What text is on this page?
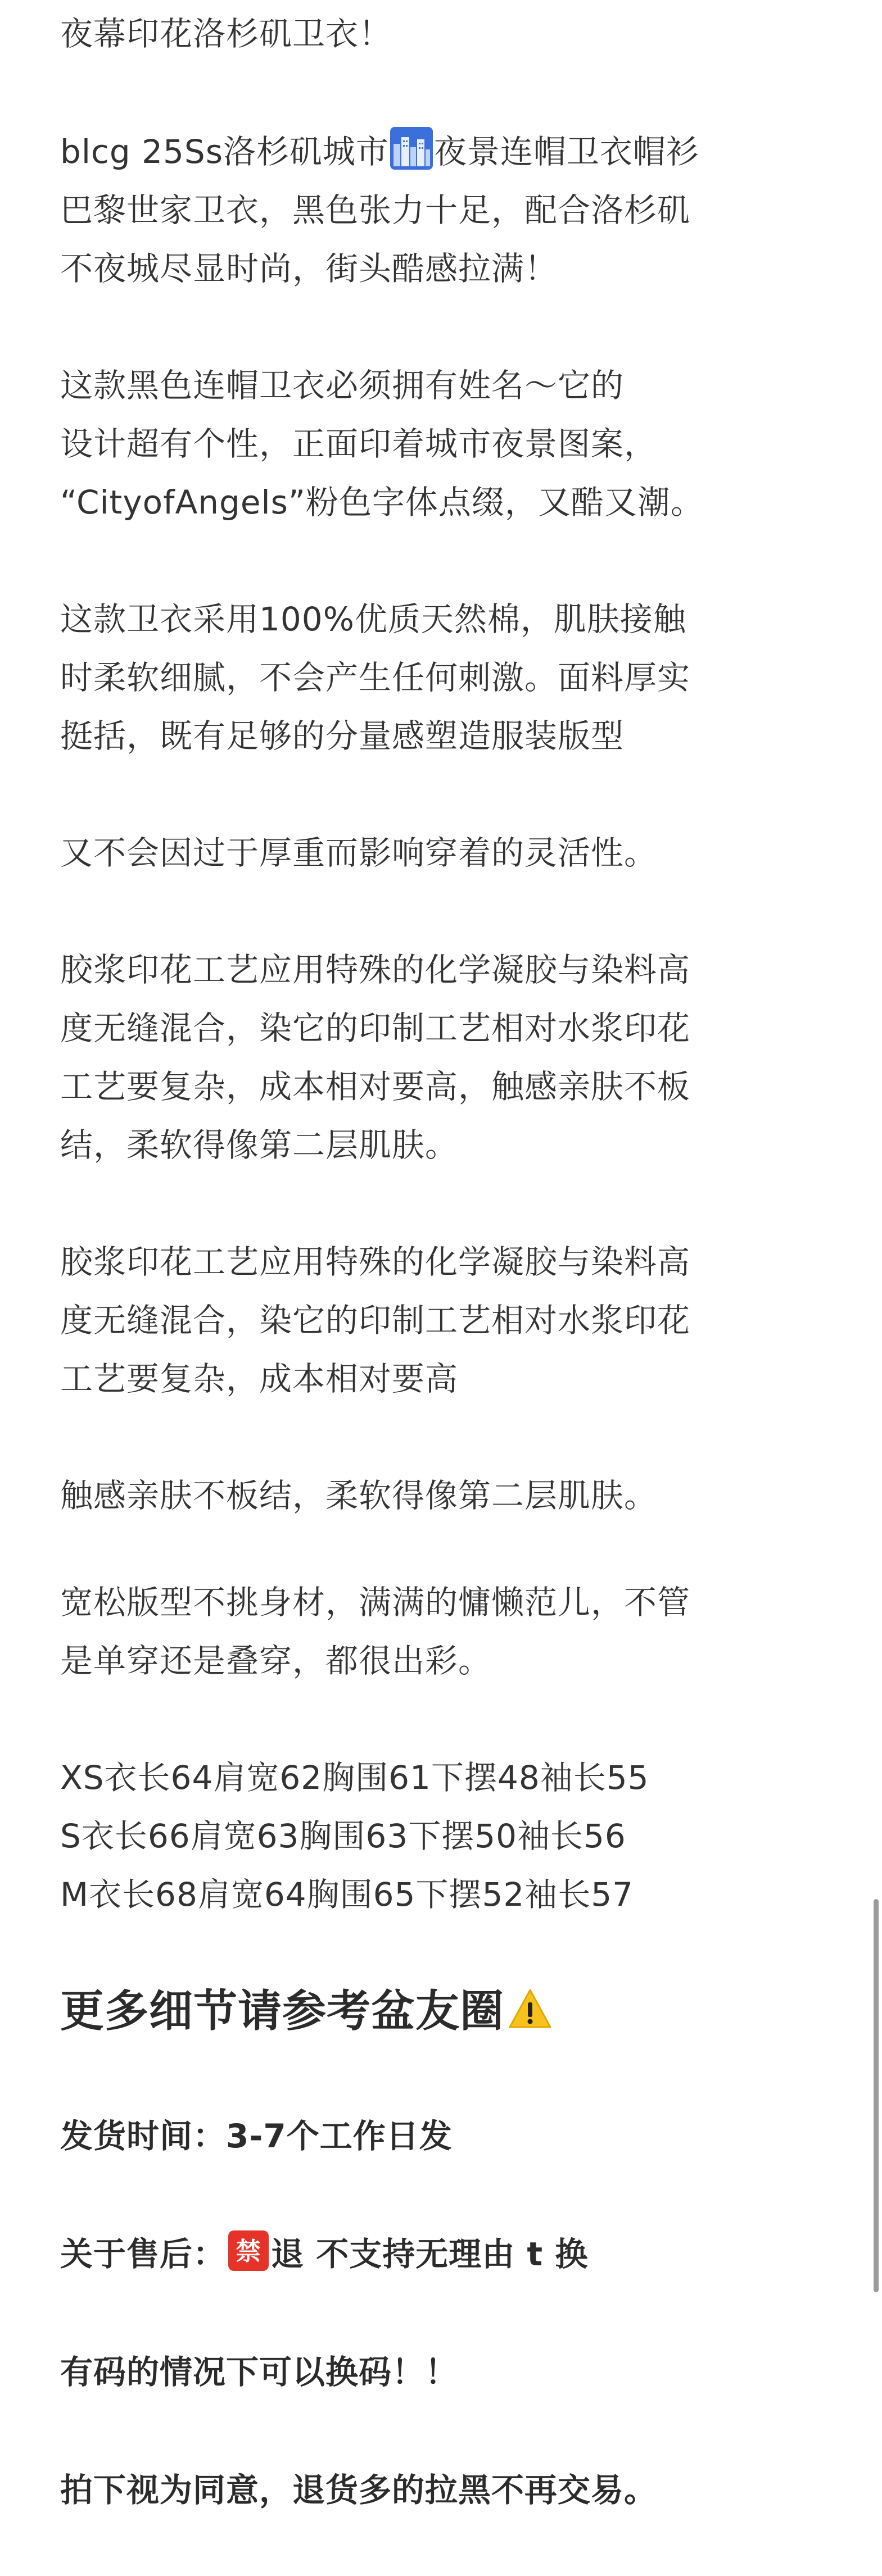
夜幕印花洛杉矶卫衣！
blcg 25Ss洛杉矶城市 夜景连帽卫衣帽衫
巴黎世家卫衣，黑色张力十足，配合洛杉矶
不夜城尽显时尚，街头酷感拉满！
这款黑色连帽卫衣必须拥有姓名～它的
设计超有个性，正面印着城市夜景图案，
“CityofAngels”粉色字体点缀，又酷又潮。
这款卫衣采用100%优质天然棉，肌肤接触
时柔软细腻，不会产生任何刺激。面料厚实
挺括，既有足够的分量感塑造服装版型
又不会因过于厚重而影响穿着的灵活性。
胶浆印花工艺应用特殊的化学凝胶与染料高
度无缝混合，染它的印制工艺相对水浆印花
工艺要复杂，成本相对要高，触感亲肤不板
结，柔软得像第二层肌肤。
胶浆印花工艺应用特殊的化学凝胶与染料高
度无缝混合，染它的印制工艺相对水浆印花
工艺要复杂，成本相对要高
触感亲肤不板结，柔软得像第二层肌肤。
宽松版型不挑身材，满满的慵懒范儿，不管
是单穿还是叠穿，都很出彩。
XS衣长64肩宽62胸围61下摆48袖长55
S衣长66肩宽63胸围63下摆50袖长56
M衣长68肩宽64胸围65下摆52袖长57
更多细节请参考盆友圈
发货时间：3-7个工作日发
关于售后： 禁 退 不支持无理由 t 换
有码的情况下可以换码！！
拍下视为同意，退货多的拉黑不再交易。
